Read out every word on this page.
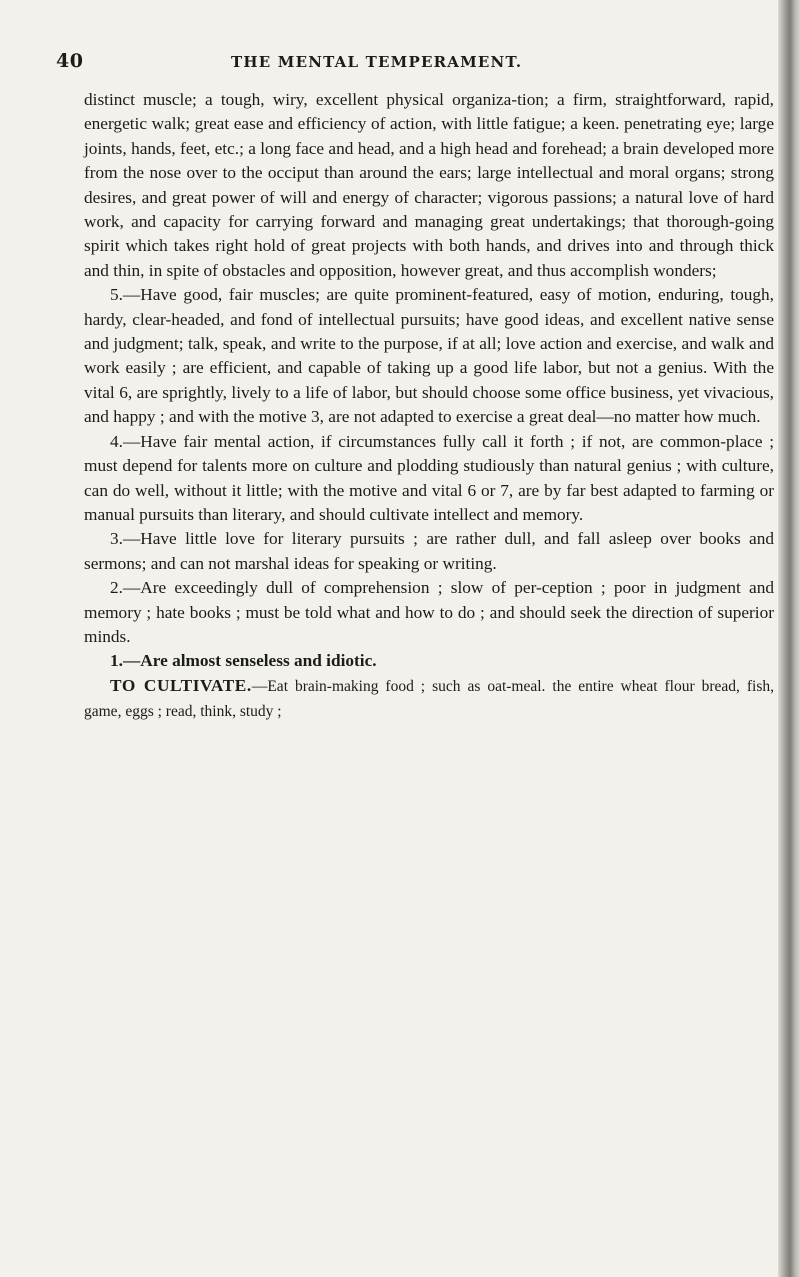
40	THE MENTAL TEMPERAMENT.

distinct muscle; a tough, wiry, excellent physical organiza-tion; a firm, straightforward, rapid, energetic walk; great ease and efficiency of action, with little fatigue; a keen. penetrating eye; large joints, hands, feet, etc.; a long face and head, and a high head and forehead; a brain developed more from the nose over to the occiput than around the ears; large intellectual and moral organs; strong desires, and great power of will and energy of character; vigorous passions; a natural love of hard work, and capacity for carrying forward and managing great undertakings; that thorough-going spirit which takes right hold of great projects with both hands, and drives into and through thick and thin, in spite of obstacles and opposition, however great, and thus accomplish wonders;

5.—Have good, fair muscles; are quite prominent-featured, easy of motion, enduring, tough, hardy, clear-headed, and fond of intellectual pursuits; have good ideas, and excellent native sense and judgment; talk, speak, and write to the purpose, if at all; love action and exercise, and walk and work easily ; are efficient, and capable of taking up a good life labor, but not a genius. With the vital 6, are sprightly, lively to a life of labor, but should choose some office business, yet vivacious, and happy ; and with the motive 3, are not adapted to exercise a great deal—no matter how much.

4.—Have fair mental action, if circumstances fully call it forth ; if not, are common-place ; must depend for talents more on culture and plodding studiously than natural genius ; with culture, can do well, without it little; with the motive and vital 6 or 7, are by far best adapted to farming or manual pursuits than literary, and should cultivate intellect and memory.

3.—Have little love for literary pursuits ; are rather dull, and fall asleep over books and sermons; and can not marshal ideas for speaking or writing.

2.—Are exceedingly dull of comprehension ; slow of per-ception ; poor in judgment and memory ; hate books ; must be told what and how to do ; and should seek the direction of superior minds.

1.—Are almost senseless and idiotic.

TO CULTIVATE.—Eat brain-making food ; such as oat-meal. the entire wheat flour bread, fish, game, eggs ; read, think, study ;
